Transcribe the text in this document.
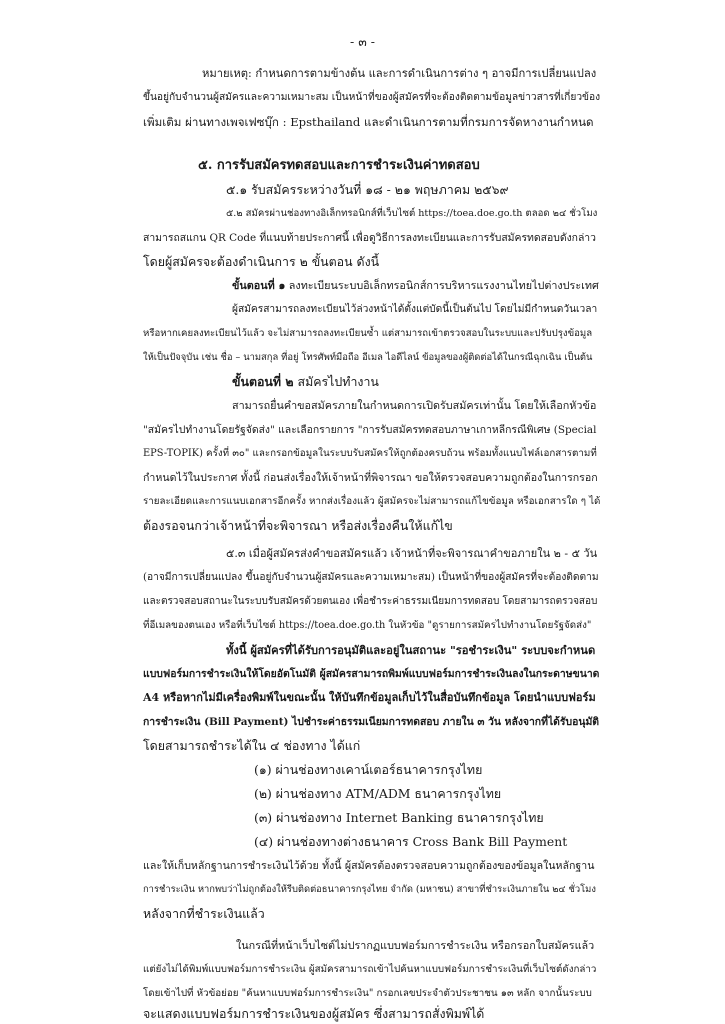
- ๓ -
หมายเหตุ: กำหนดการตามข้างต้น และการดำเนินการต่าง ๆ อาจมีการเปลี่ยนแปลง
ขึ้นอยู่กับจำนวนผู้สมัครและความเหมาะสม เป็นหน้าที่ของผู้สมัครที่จะต้องติดตามข้อมูลข่าวสารที่เกี่ยวข้อง
เพิ่มเติม ผ่านทางเพจเฟซบุ๊ก : Epsthailand และดำเนินการตามที่กรมการจัดหางานกำหนด
๕. การรับสมัครทดสอบและการชำระเงินค่าทดสอบ
๕.๑ รับสมัครระหว่างวันที่ ๑๘ - ๒๑ พฤษภาคม ๒๕๖๙
๕.๒ สมัครผ่านช่องทางอิเล็กทรอนิกส์ที่เว็บไซต์ https://toea.doe.go.th ตลอด ๒๔ ชั่วโมง
สามารถสแกน QR Code ที่แนบท้ายประกาศนี้ เพื่อดูวิธีการลงทะเบียนและการรับสมัครทดสอบดังกล่าว
โดยผู้สมัครจะต้องดำเนินการ ๒ ขั้นตอน ดังนี้
ขั้นตอนที่ ๑ ลงทะเบียนระบบอิเล็กทรอนิกส์การบริหารแรงงานไทยไปต่างประเทศ
ผู้สมัครสามารถลงทะเบียนไว้ล่วงหน้าได้ตั้งแต่บัดนี้เป็นต้นไป โดยไม่มีกำหนดวันเวลา
หรือหากเคยลงทะเบียนไว้แล้ว จะไม่สามารถลงทะเบียนซ้ำ แต่สามารถเข้าตรวจสอบในระบบและปรับปรุงข้อมูล
ให้เป็นปัจจุบัน เช่น ชื่อ – นามสกุล ที่อยู่ โทรศัพท์มือถือ อีเมล ไอดีไลน์ ข้อมูลของผู้ติดต่อได้ในกรณีฉุกเฉิน เป็นต้น
ขั้นตอนที่ ๒ สมัครไปทำงาน
สามารถยื่นคำขอสมัครภายในกำหนดการเปิดรับสมัครเท่านั้น โดยให้เลือกหัวข้อ
"สมัครไปทำงานโดยรัฐจัดส่ง" และเลือกรายการ "การรับสมัครทดสอบภาษาเกาหลีกรณีพิเศษ (Special
EPS-TOPIK) ครั้งที่ ๓๐" และกรอกข้อมูลในระบบรับสมัครให้ถูกต้องครบถ้วน พร้อมทั้งแนบไฟล์เอกสารตามที่
กำหนดไว้ในประกาศ ทั้งนี้ ก่อนส่งเรื่องให้เจ้าหน้าที่พิจารณา ขอให้ตรวจสอบความถูกต้องในการกรอก
รายละเอียดและการแนบเอกสารอีกครั้ง หากส่งเรื่องแล้ว ผู้สมัครจะไม่สามารถแก้ไขข้อมูล หรือเอกสารใด ๆ ได้
ต้องรอจนกว่าเจ้าหน้าที่จะพิจารณา หรือส่งเรื่องคืนให้แก้ไข
๕.๓ เมื่อผู้สมัครส่งคำขอสมัครแล้ว เจ้าหน้าที่จะพิจารณาคำขอภายใน ๒ - ๕ วัน
(อาจมีการเปลี่ยนแปลง ขึ้นอยู่กับจำนวนผู้สมัครและความเหมาะสม) เป็นหน้าที่ของผู้สมัครที่จะต้องติดตาม
และตรวจสอบสถานะในระบบรับสมัครด้วยตนเอง เพื่อชำระค่าธรรมเนียมการทดสอบ โดยสามารถตรวจสอบ
ที่อีเมลของตนเอง หรือที่เว็บไซต์ https://toea.doe.go.th ในหัวข้อ "ดูรายการสมัครไปทำงานโดยรัฐจัดส่ง"
ทั้งนี้ ผู้สมัครที่ได้รับการอนุมัติและอยู่ในสถานะ "รอชำระเงิน" ระบบจะกำหนด
แบบฟอร์มการชำระเงินให้โดยอัตโนมัติ ผู้สมัครสามารถพิมพ์แบบฟอร์มการชำระเงินลงในกระดาษขนาด
A4 หรือหากไม่มีเครื่องพิมพ์ในขณะนั้น ให้บันทึกข้อมูลเก็บไว้ในสื่อบันทึกข้อมูล โดยนำแบบฟอร์ม
การชำระเงิน (Bill Payment) ไปชำระค่าธรรมเนียมการทดสอบ ภายใน ๓ วัน หลังจากที่ได้รับอนุมัติ
โดยสามารถชำระได้ใน ๔ ช่องทาง ได้แก่
(๑) ผ่านช่องทางเคาน์เตอร์ธนาคารกรุงไทย
(๒) ผ่านช่องทาง ATM/ADM ธนาคารกรุงไทย
(๓) ผ่านช่องทาง Internet Banking ธนาคารกรุงไทย
(๔) ผ่านช่องทางต่างธนาคาร Cross Bank Bill Payment
และให้เก็บหลักฐานการชำระเงินไว้ด้วย ทั้งนี้ ผู้สมัครต้องตรวจสอบความถูกต้องของข้อมูลในหลักฐาน
การชำระเงิน หากพบว่าไม่ถูกต้องให้รีบติดต่อธนาคารกรุงไทย จำกัด (มหาชน) สาขาที่ชำระเงินภายใน ๒๔ ชั่วโมง
หลังจากที่ชำระเงินแล้ว
ในกรณีที่หน้าเว็บไซต์ไม่ปรากฏแบบฟอร์มการชำระเงิน หรือกรอกใบสมัครแล้ว
แต่ยังไม่ได้พิมพ์แบบฟอร์มการชำระเงิน ผู้สมัครสามารถเข้าไปค้นหาแบบฟอร์มการชำระเงินที่เว็บไซต์ดังกล่าว
โดยเข้าไปที่ หัวข้อย่อย "ค้นหาแบบฟอร์มการชำระเงิน" กรอกเลขประจำตัวประชาชน ๑๓ หลัก จากนั้นระบบ
จะแสดงแบบฟอร์มการชำระเงินของผู้สมัคร ซึ่งสามารถสั่งพิมพ์ได้
